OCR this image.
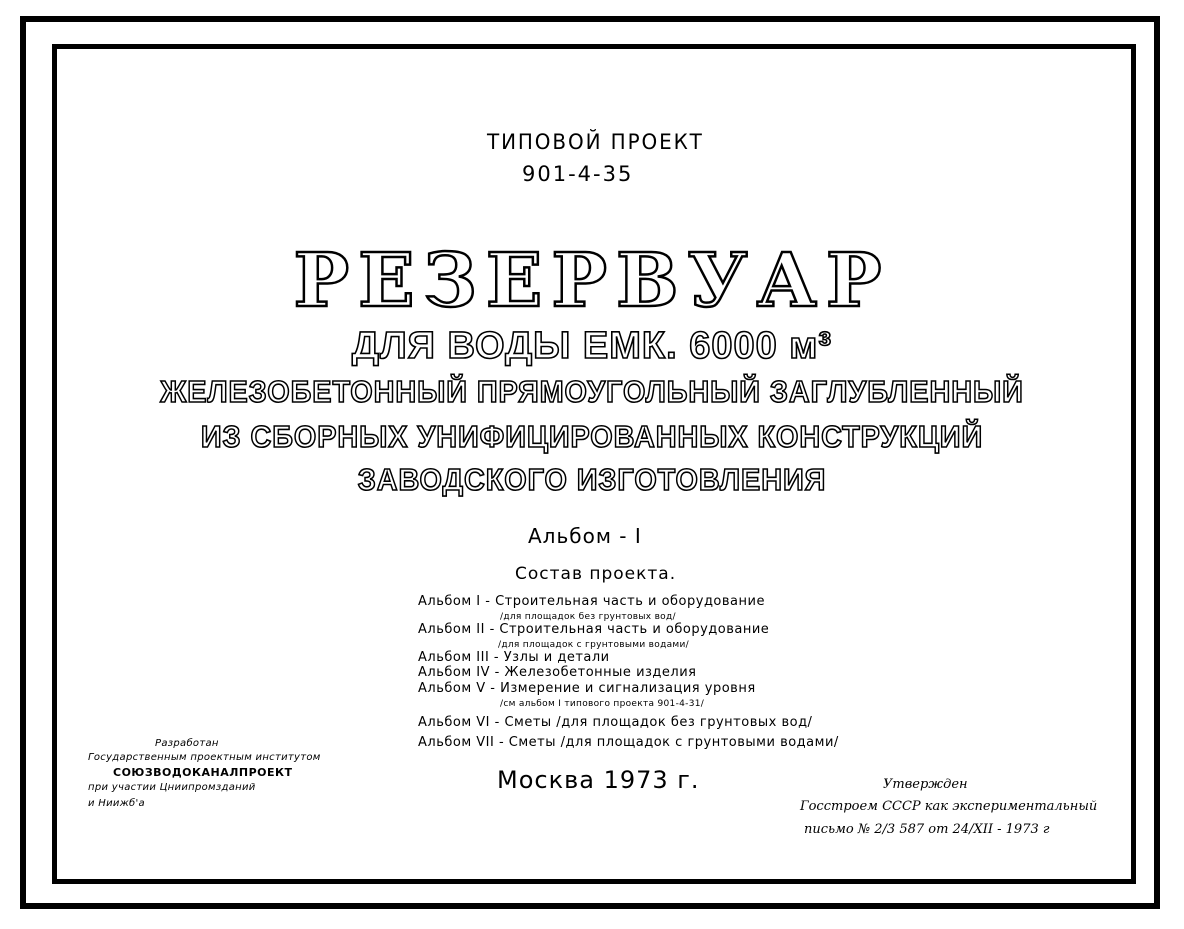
ТИПОВОЙ ПРОЕКТ
901-4-35
РЕЗЕРВУАР
ДЛЯ ВОДЫ ЕМК. 6000 м³
ЖЕЛЕЗОБЕТОННЫЙ ПРЯМОУГОЛЬНЫЙ ЗАГЛУБЛЕННЫЙ
ИЗ СБОРНЫХ УНИФИЦИРОВАННЫХ КОНСТРУКЦИЙ
ЗАВОДСКОГО ИЗГОТОВЛЕНИЯ
Альбом - I
Состав проекта.
Альбом I - Строительная часть и оборудование
/для площадок без грунтовых вод/
Альбом II - Строительная часть и оборудование
/для площадок с грунтовыми водами/
Альбом III - Узлы и детали
Альбом IV - Железобетонные изделия
Альбом V - Измерение и сигнализация уровня
/см альбом I типового проекта 901-4-31/
Альбом VI - Сметы /для площадок без грунтовых вод/
Альбом VII - Сметы /для площадок с грунтовыми водами/
Разработан
Государственным проектным институтом
СОЮЗВОДОКАНАЛПРОЕКТ
при участии Цниипромзданий
и Ниижб'а
Москва 1973 г.	Утвержден
Госстроем СССР как экспериментальный
письмо № 2/3 587 от 24/XII - 1973 г
